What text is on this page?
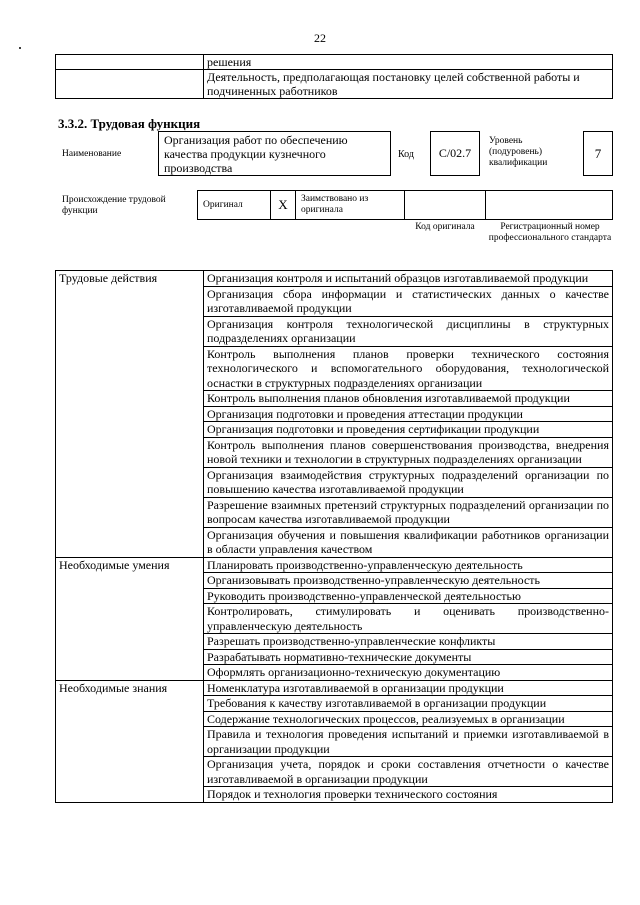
22
	решения
	Деятельность, предполагающая постановку целей собственной работы и подчиненных работников
3.3.2. Трудовая функция
Наименование
Организация работ по обеспечению качества продукции кузнечного производства
Код	С/02.7
Уровень (подуровень) квалификации
7
Происхождение трудовой функции
Оригинал	X	Заимствовано из оригинала		
Код оригинала	Регистрационный номер профессионального стандарта
Трудовые действия	Организация контроля и испытаний образцов изготавливаемой продукции
	Организация сбора информации и статистических данных о качестве изготавливаемой продукции
	Организация контроля технологической дисциплины в структурных подразделениях организации
	Контроль выполнения планов проверки технического состояния технологического и вспомогательного оборудования, технологической оснастки в структурных подразделениях организации
	Контроль выполнения планов обновления изготавливаемой продукции
	Организация подготовки и проведения аттестации продукции
	Организация подготовки и проведения сертификации продукции
	Контроль выполнения планов совершенствования производства, внедрения новой техники и технологии в структурных подразделениях организации
	Организация взаимодействия структурных подразделений организации по повышению качества изготавливаемой продукции
	Разрешение взаимных претензий структурных подразделений организации по вопросам качества изготавливаемой продукции
	Организация обучения и повышения квалификации работников организации в области управления качеством
Необходимые умения	Планировать производственно-управленческую деятельность
	Организовывать производственно-управленческую деятельность
	Руководить производственно-управленческой деятельностью
	Контролировать, стимулировать и оценивать производственно-управленческую деятельность
	Разрешать производственно-управленческие конфликты
	Разрабатывать нормативно-технические документы
	Оформлять организационно-техническую документацию
Необходимые знания	Номенклатура изготавливаемой в организации продукции
	Требования к качеству изготавливаемой в организации продукции
	Содержание технологических процессов, реализуемых в организации
	Правила и технология проведения испытаний и приемки изготавливаемой в организации продукции
	Организация учета, порядок и сроки составления отчетности о качестве изготавливаемой в организации продукции
	Порядок и технология проверки технического состояния
